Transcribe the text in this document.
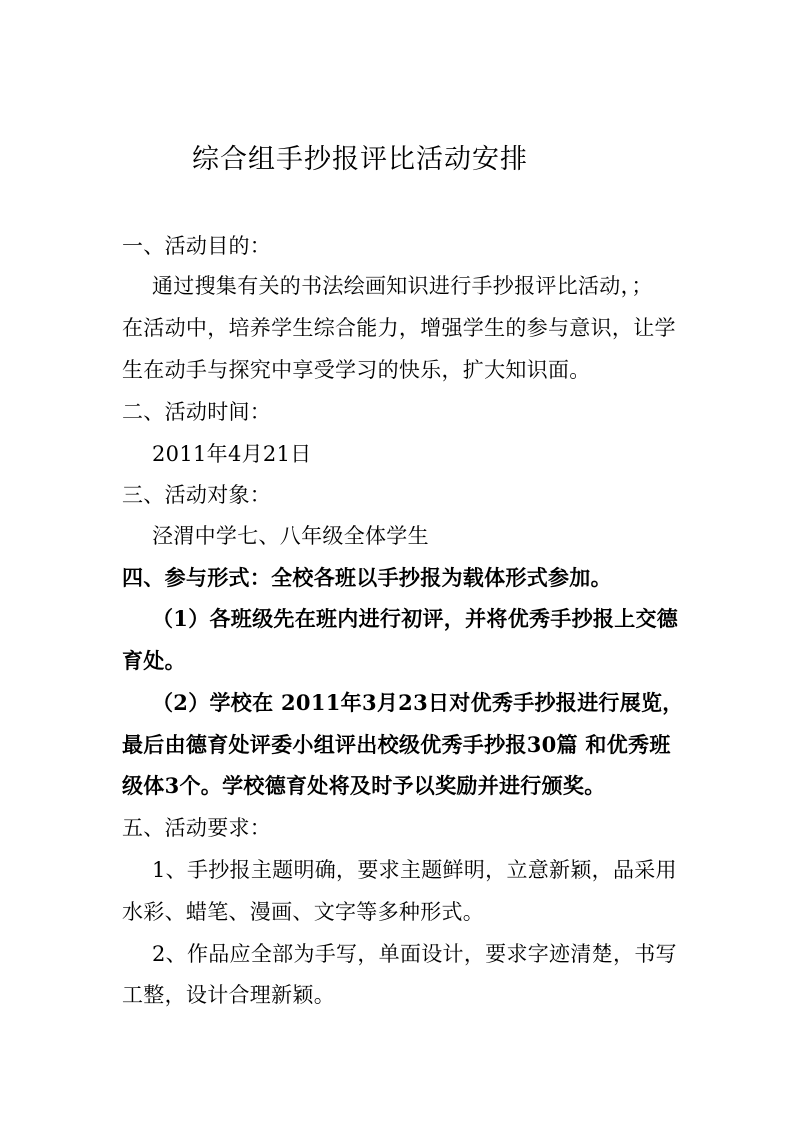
综合组手抄报评比活动安排
一、活动目的：
通过搜集有关的书法绘画知识进行手抄报评比活动，；
在活动中，培养学生综合能力，增强学生的参与意识，让学
生在动手与探究中享受学习的快乐，扩大知识面。
二、活动时间：
2011年4月21日
三、活动对象：
泾渭中学七、八年级全体学生
四、参与形式：全校各班以手抄报为载体形式参加。
（1）各班级先在班内进行初评，并将优秀手抄报上交德
育处。
（2）学校在 2011年3月23日对优秀手抄报进行展览，
最后由德育处评委小组评出校级优秀手抄报30篇 和优秀班
级体3个。学校德育处将及时予以奖励并进行颁奖。
五、活动要求：
1、手抄报主题明确，要求主题鲜明，立意新颖，品采用
水彩、蜡笔、漫画、文字等多种形式。
2、作品应全部为手写，单面设计，要求字迹清楚，书写
工整，设计合理新颖。
